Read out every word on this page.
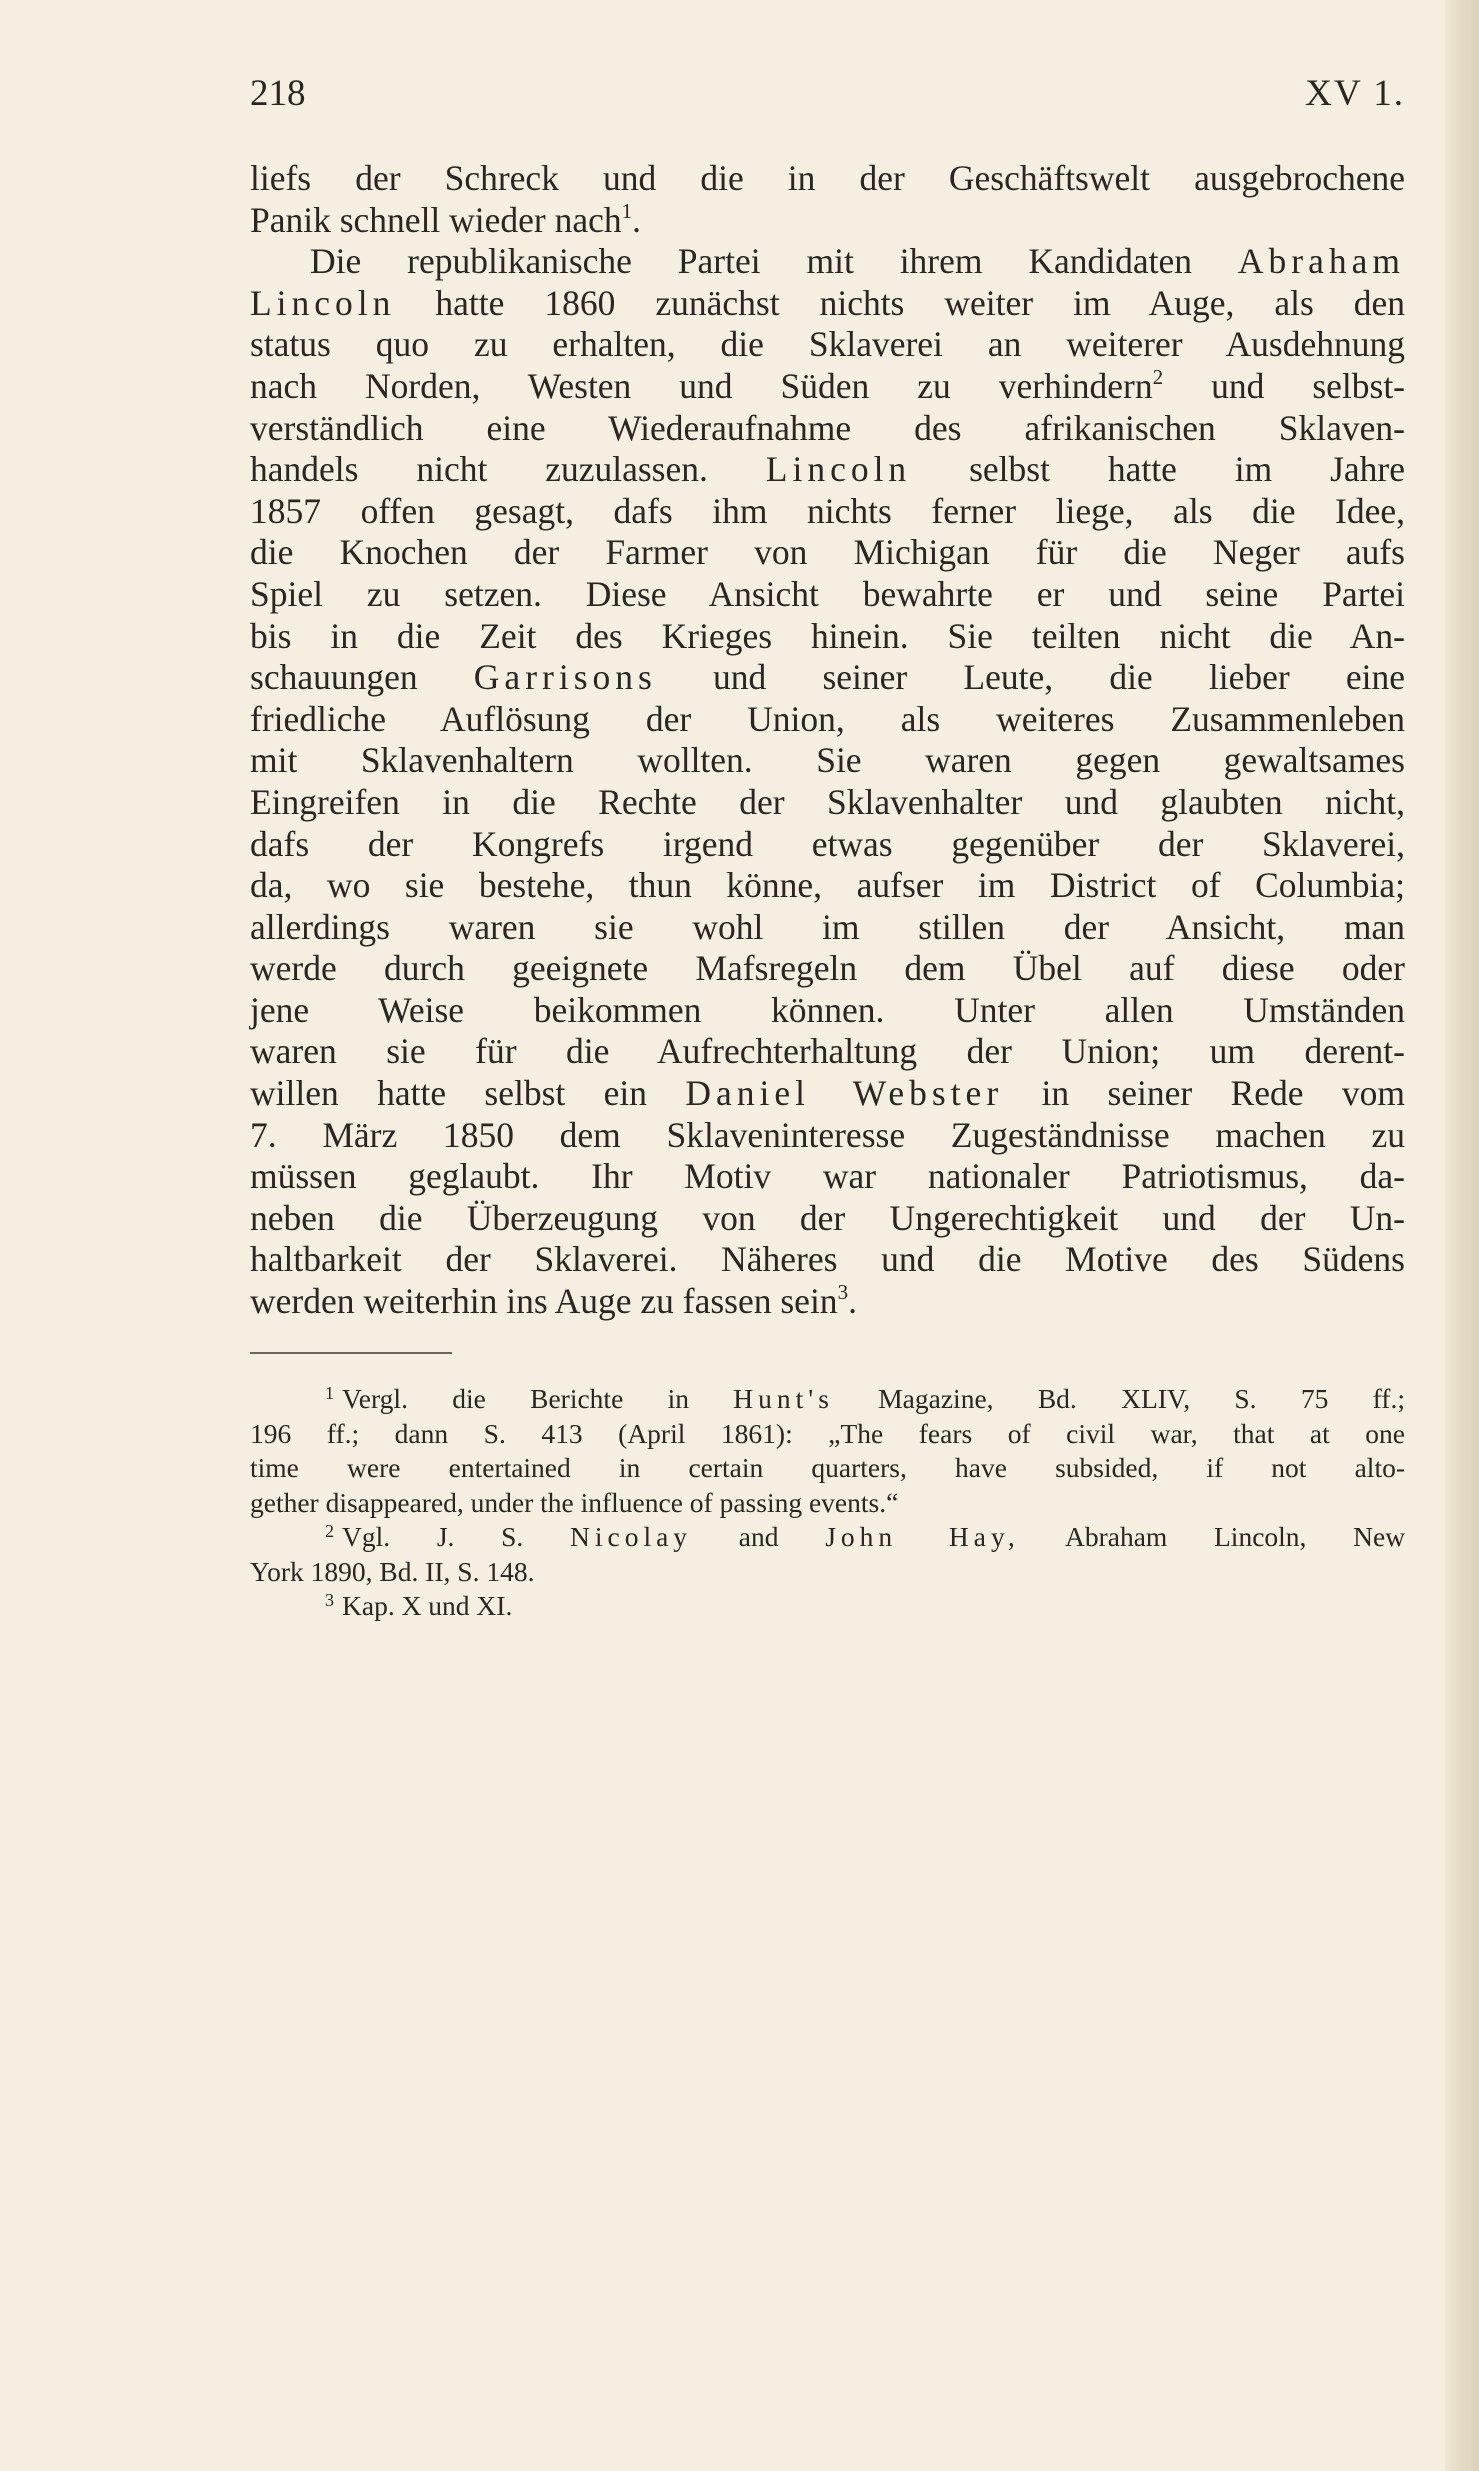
218	XV 1.
liefs der Schreck und die in der Geschäftswelt ausgebrochene
Panik schnell wieder nach$^1$.
Die republikanische Partei mit ihrem Kandidaten Abraham
Lincoln hatte 1860 zunächst nichts weiter im Auge, als den
status quo zu erhalten, die Sklaverei an weiterer Ausdehnung
nach Norden, Westen und Süden zu verhindern$^2$ und selbst-
verständlich eine Wiederaufnahme des afrikanischen Sklaven-
handels nicht zuzulassen. Lincoln selbst hatte im Jahre
1857 offen gesagt, dafs ihm nichts ferner liege, als die Idee,
die Knochen der Farmer von Michigan für die Neger aufs
Spiel zu setzen. Diese Ansicht bewahrte er und seine Partei
bis in die Zeit des Krieges hinein. Sie teilten nicht die An-
schauungen Garrisons und seiner Leute, die lieber eine
friedliche Auflösung der Union, als weiteres Zusammenleben
mit Sklavenhaltern wollten. Sie waren gegen gewaltsames
Eingreifen in die Rechte der Sklavenhalter und glaubten nicht,
dafs der Kongrefs irgend etwas gegenüber der Sklaverei,
da, wo sie bestehe, thun könne, aufser im District of Columbia;
allerdings waren sie wohl im stillen der Ansicht, man
werde durch geeignete Mafsregeln dem Übel auf diese oder
jene Weise beikommen können. Unter allen Umständen
waren sie für die Aufrechterhaltung der Union; um derent-
willen hatte selbst ein Daniel Webster in seiner Rede vom
7. März 1850 dem Sklaveninteresse Zugeständnisse machen zu
müssen geglaubt. Ihr Motiv war nationaler Patriotismus, da-
neben die Überzeugung von der Ungerechtigkeit und der Un-
haltbarkeit der Sklaverei. Näheres und die Motive des Südens
werden weiterhin ins Auge zu fassen sein$^3$.
$^1$ Vergl. die Berichte in Hunt's Magazine, Bd. XLIV, S. 75 ff.;
196 ff.; dann S. 413 (April 1861): „The fears of civil war, that at one
time were entertained in certain quarters, have subsided, if not alto-
gether disappeared, under the influence of passing events.“
$^2$ Vgl. J. S. Nicolay and John Hay, Abraham Lincoln, New
York 1890, Bd. II, S. 148.
$^3$ Kap. X und XI.
